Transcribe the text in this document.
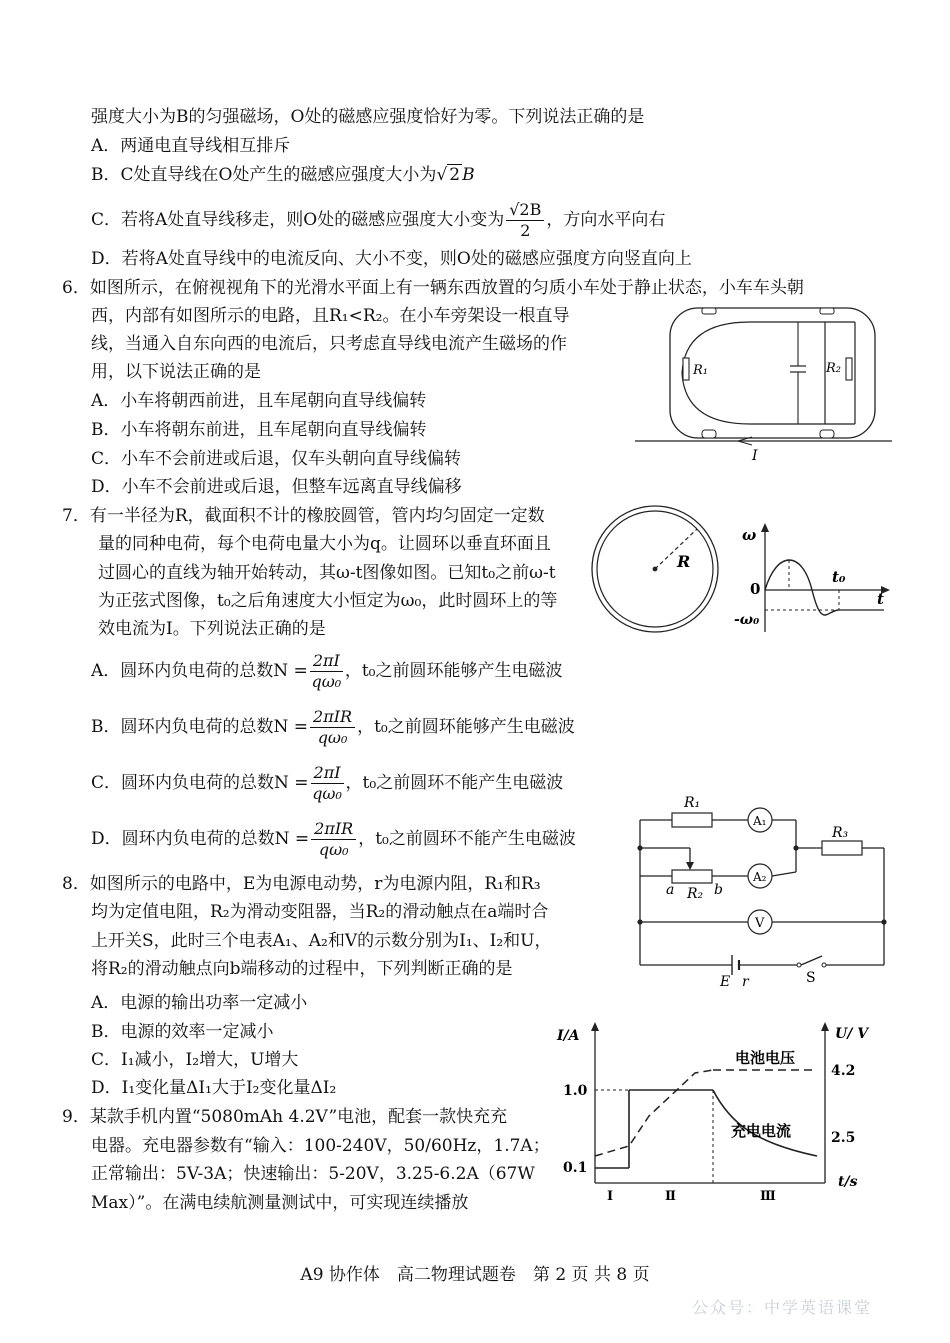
强度大小为B的匀强磁场，O处的磁感应强度恰好为零。下列说法正确的是
A．两通电直导线相互排斥
B．C处直导线在O处产生的磁感应强度大小为√ 2 B
C．若将A处直导线移走，则O处的磁感应强度大小变为 $\frac{√2B}{2}$ ，方向水平向右
D．若将A处直导线中的电流反向、大小不变，则O处的磁感应强度方向竖直向上
6．如图所示，在俯视视角下的光滑水平面上有一辆东西放置的匀质小车处于静止状态，小车车头朝
西，内部有如图所示的电路，且R₁<R₂。在小车旁架设一根直导
线，当通入自东向西的电流后，只考虑直导线电流产生磁场的作
用，以下说法正确的是
A．小车将朝西前进，且车尾朝向直导线偏转
B．小车将朝东前进，且车尾朝向直导线偏转
C．小车不会前进或后退，仅车头朝向直导线偏转
D．小车不会前进或后退，但整车远离直导线偏移
R₁	R₂
I
7．有一半径为R，截面积不计的橡胶圆管，管内均匀固定一定数
量的同种电荷，每个电荷电量大小为q。让圆环以垂直环面且
过圆心的直线为轴开始转动，其ω-t图像如图。已知t₀之前ω-t
为正弦式图像，t₀之后角速度大小恒定为ω₀，此时圆环上的等
效电流为I。下列说法正确的是
A．圆环内负电荷的总数$N = \frac{2\pi I}{\text{qω₀}}$ ，t₀之前圆环能够产生电磁波
B．圆环内负电荷的总数$N = \frac{\text{2πIR}}{\text{qω₀}}$ ，t₀之前圆环能够产生电磁波
C．圆环内负电荷的总数$N = \frac{2\pi I}{\text{qω₀}}$ ，t₀之前圆环不能产生电磁波
D．圆环内负电荷的总数$N = \frac{\text{2πIR}}{\text{qω₀}}$ ，t₀之前圆环不能产生电磁波
R
ω
0
t₀
t
-ω₀
8．如图所示的电路中，E为电源电动势，r为电源内阻，R₁和R₃
均为定值电阻，R₂为滑动变阻器，当R₂的滑动触点在a端时合
上开关S，此时三个电表A₁、A₂和V的示数分别为I₁、I₂和U，
将R₂的滑动触点向b端移动的过程中，下列判断正确的是
A．电源的输出功率一定减小
B．电源的效率一定减小
C．I₁减小，I₂增大，U增大
D．I₁变化量ΔI₁大于I₂变化量ΔI₂
A₁
R₁
R₃
A₂
a R₂ b
V
E r	S
9．某款手机内置“5080mAh 4.2V”电池，配套一款快充充
电器。充电器参数有“输入：100-240V，50/60Hz，1.7A；
正常输出：5V-3A；快速输出：5-20V，3.25-6.2A（67W
Max）”。在满电续航测量测试中，可实现连续播放
I/A	U/ V
1.0
0.1
4.2
2.5
电池电压
充电电流
t/s
I	Ⅱ	Ⅲ
A9 协作体　高二物理试题卷　第 2 页 共 8 页
公众号：中学英语课堂
